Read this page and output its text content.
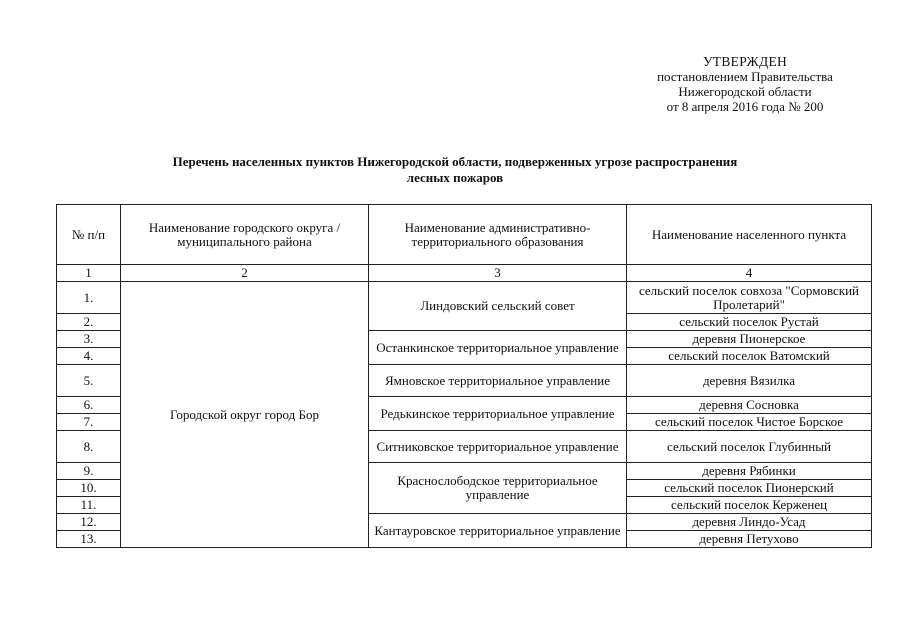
УТВЕРЖДЕН
постановлением Правительства
Нижегородской области
от 8 апреля 2016 года № 200
Перечень населенных пунктов Нижегородской области, подверженных угрозе распространения
лесных пожаров
№ п/п	Наименование городского округа / муниципального района	Наименование административно-территориального образования	Наименование населенного пункта
1	2	3	4
1.	Городской округ город Бор	Линдовский сельский совет	сельский поселок совхоза "Сормовский Пролетарий"
2.			сельский поселок Рустай
3.		Останкинское территориальное управление	деревня Пионерское
4.			сельский поселок Ватомский
5.		Ямновское территориальное управление	деревня Вязилка
6.		Редькинское территориальное управление	деревня Сосновка
7.			сельский поселок Чистое Борское
8.		Ситниковское территориальное управление	сельский поселок Глубинный
9.		Краснослободское территориальное управление	деревня Рябинки
10.			сельский поселок Пионерский
11.			сельский поселок Керженец
12.		Кантауровское территориальное управление	деревня Линдо-Усад
13.			деревня Петухово
